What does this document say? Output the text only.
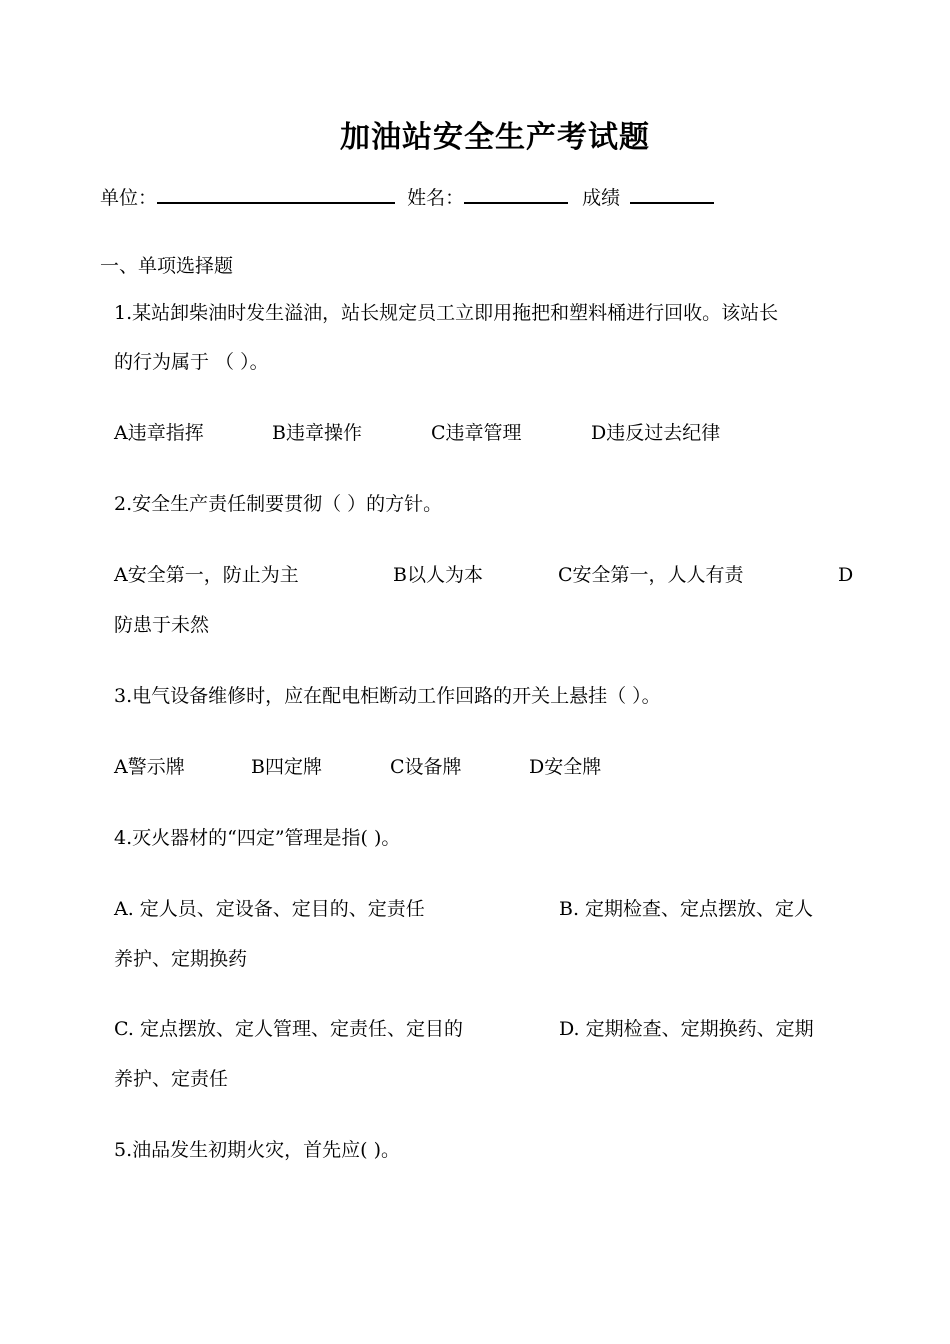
加油站安全生产考试题
单位：	姓名：	成绩
一、单项选择题
1.某站卸柴油时发生溢油，站长规定员工立即用拖把和塑料桶进行回收。该站长
的行为属于 （ ）。
A违章指挥	B违章操作	C违章管理	D违反过去纪律
2.安全生产责任制要贯彻（ ）的方针。
A安全第一，防止为主	B以人为本	C安全第一，人人有责	D
防患于未然
3.电气设备维修时，应在配电柜断动工作回路的开关上悬挂（ ）。
A警示牌	B四定牌	C设备牌	D安全牌
4.灭火器材的“四定”管理是指( )。
A. 定人员、定设备、定目的、定责任	B. 定期检查、定点摆放、定人
养护、定期换药
C. 定点摆放、定人管理、定责任、定目的	D. 定期检查、定期换药、定期
养护、定责任
5.油品发生初期火灾，首先应( )。
